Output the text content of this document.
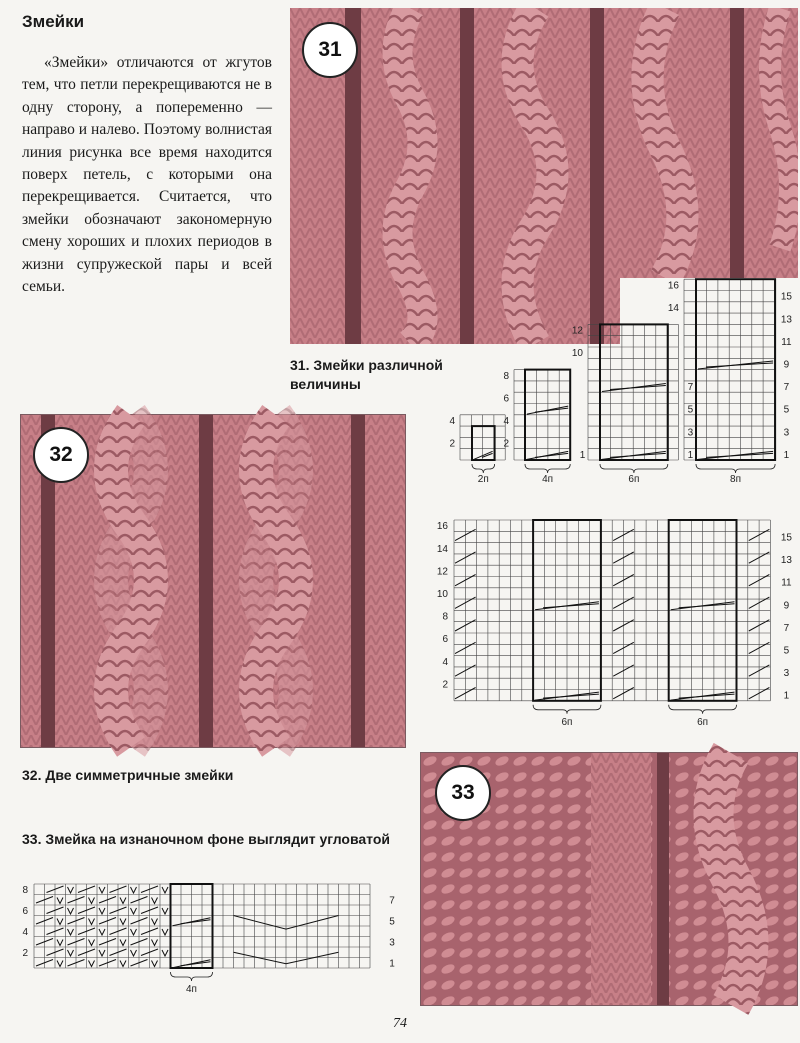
Змейки

«Змейки» отличаются от жгутов тем, что петли перекрещиваются не в одну сторону, а попеременно — направо и налево. Поэтому волнистая линия рисунка все время находится поверх петель, с которыми она перекрещивается. Считается, что змейки обозначают закономерную смену хороших и плохих периодов в жизни супружеской пары и всей семьи.

31
31. Змейки различной величины
2
4
2п
2
4
6
8
1
4п
10
12
1
3
5
7
6п
14
16
1
3
5
7
9
11
13
15
8п
32
6п	6п
2
4
6
8
10
12
14
16
1
3
5
7
9
11
13
15
32. Две симметричные змейки
33
33. Змейка на изнаночном фоне выглядит угловатой
4п
2
4
6
8
1
3
5
7
74
